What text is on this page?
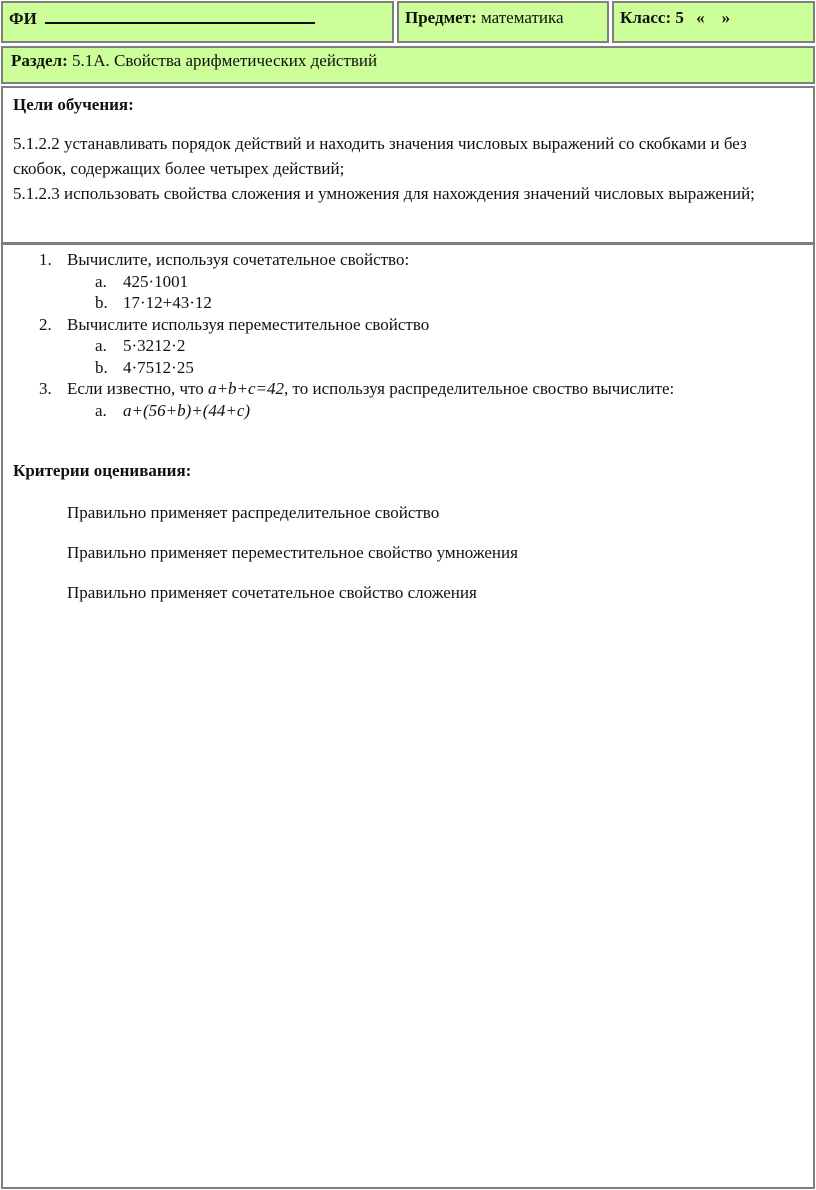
ФИ	Предмет: математика	Класс: 5 «    »
Раздел: 5.1А. Свойства арифметических действий
Цели обучения:
5.1.2.2 устанавливать порядок действий и находить значения числовых выражений со скобками и без скобок, содержащих более четырех действий;
5.1.2.3 использовать свойства сложения и умножения для нахождения значений числовых выражений;
1. Вычислите, используя сочетательное свойство:
a. 425·1001
b. 17·12+43·12
2. Вычислите используя переместительное свойство
a. 5·3212·2
b. 4·7512·25
3. Если известно, что a+b+c=42, то используя распределительное своство вычислите:
a. a+(56+b)+(44+c)
Критерии оценивания:
Правильно применяет распределительное свойство
Правильно применяет переместительное свойство умножения
Правильно применяет сочетательное свойство сложения
